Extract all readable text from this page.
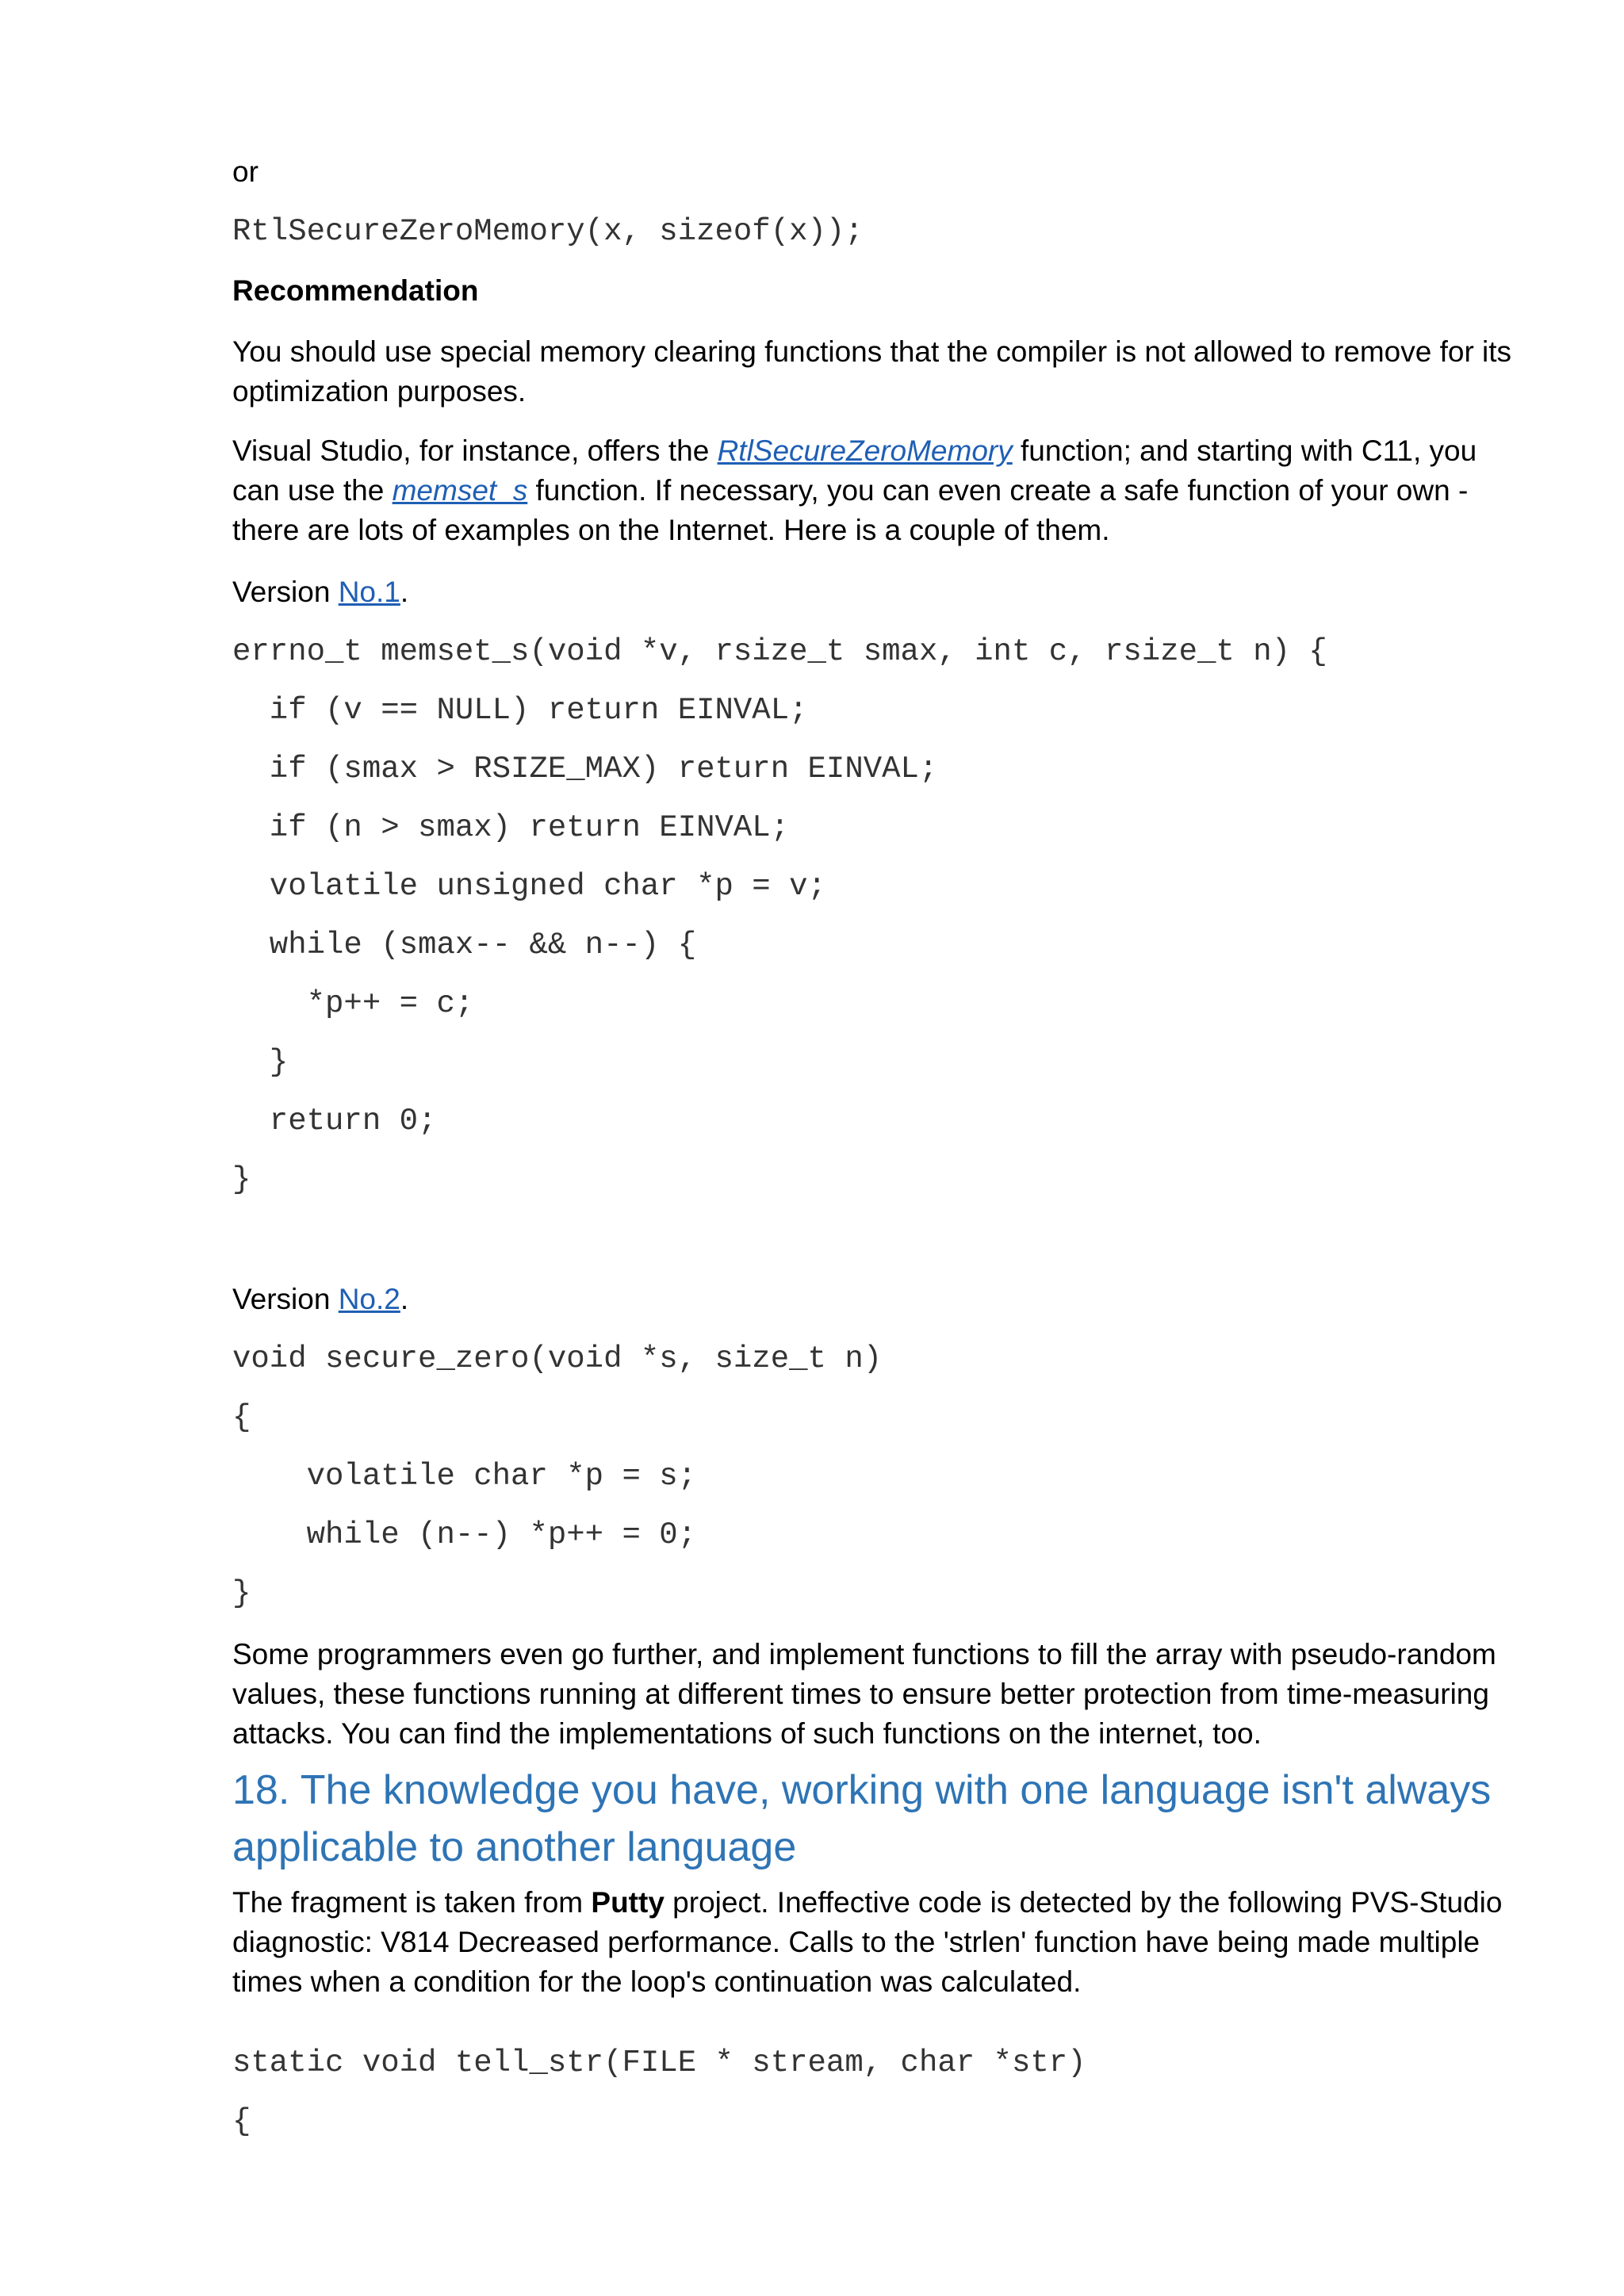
or

RtlSecureZeroMemory(x, sizeof(x));

Recommendation

You should use special memory clearing functions that the compiler is not allowed to remove for its optimization purposes.

Visual Studio, for instance, offers the RtlSecureZeroMemory function; and starting with C11, you can use the memset_s function. If necessary, you can even create a safe function of your own - there are lots of examples on the Internet. Here is a couple of them.

Version No.1.

errno_t memset_s(void *v, rsize_t smax, int c, rsize_t n) {

if (v == NULL) return EINVAL;

if (smax > RSIZE_MAX) return EINVAL;

if (n > smax) return EINVAL;

volatile unsigned char *p = v;

while (smax-- && n--) {

*p++ = c;

}

return 0;

}

Version No.2.

void secure_zero(void *s, size_t n)

{

volatile char *p = s;

while (n--) *p++ = 0;

}

Some programmers even go further, and implement functions to fill the array with pseudo-random values, these functions running at different times to ensure better protection from time-measuring attacks. You can find the implementations of such functions on the internet, too.

18. The knowledge you have, working with one language isn't always applicable to another language

The fragment is taken from Putty project. Ineffective code is detected by the following PVS-Studio diagnostic: V814 Decreased performance. Calls to the 'strlen' function have being made multiple times when a condition for the loop's continuation was calculated.

static void tell_str(FILE * stream, char *str)

{
